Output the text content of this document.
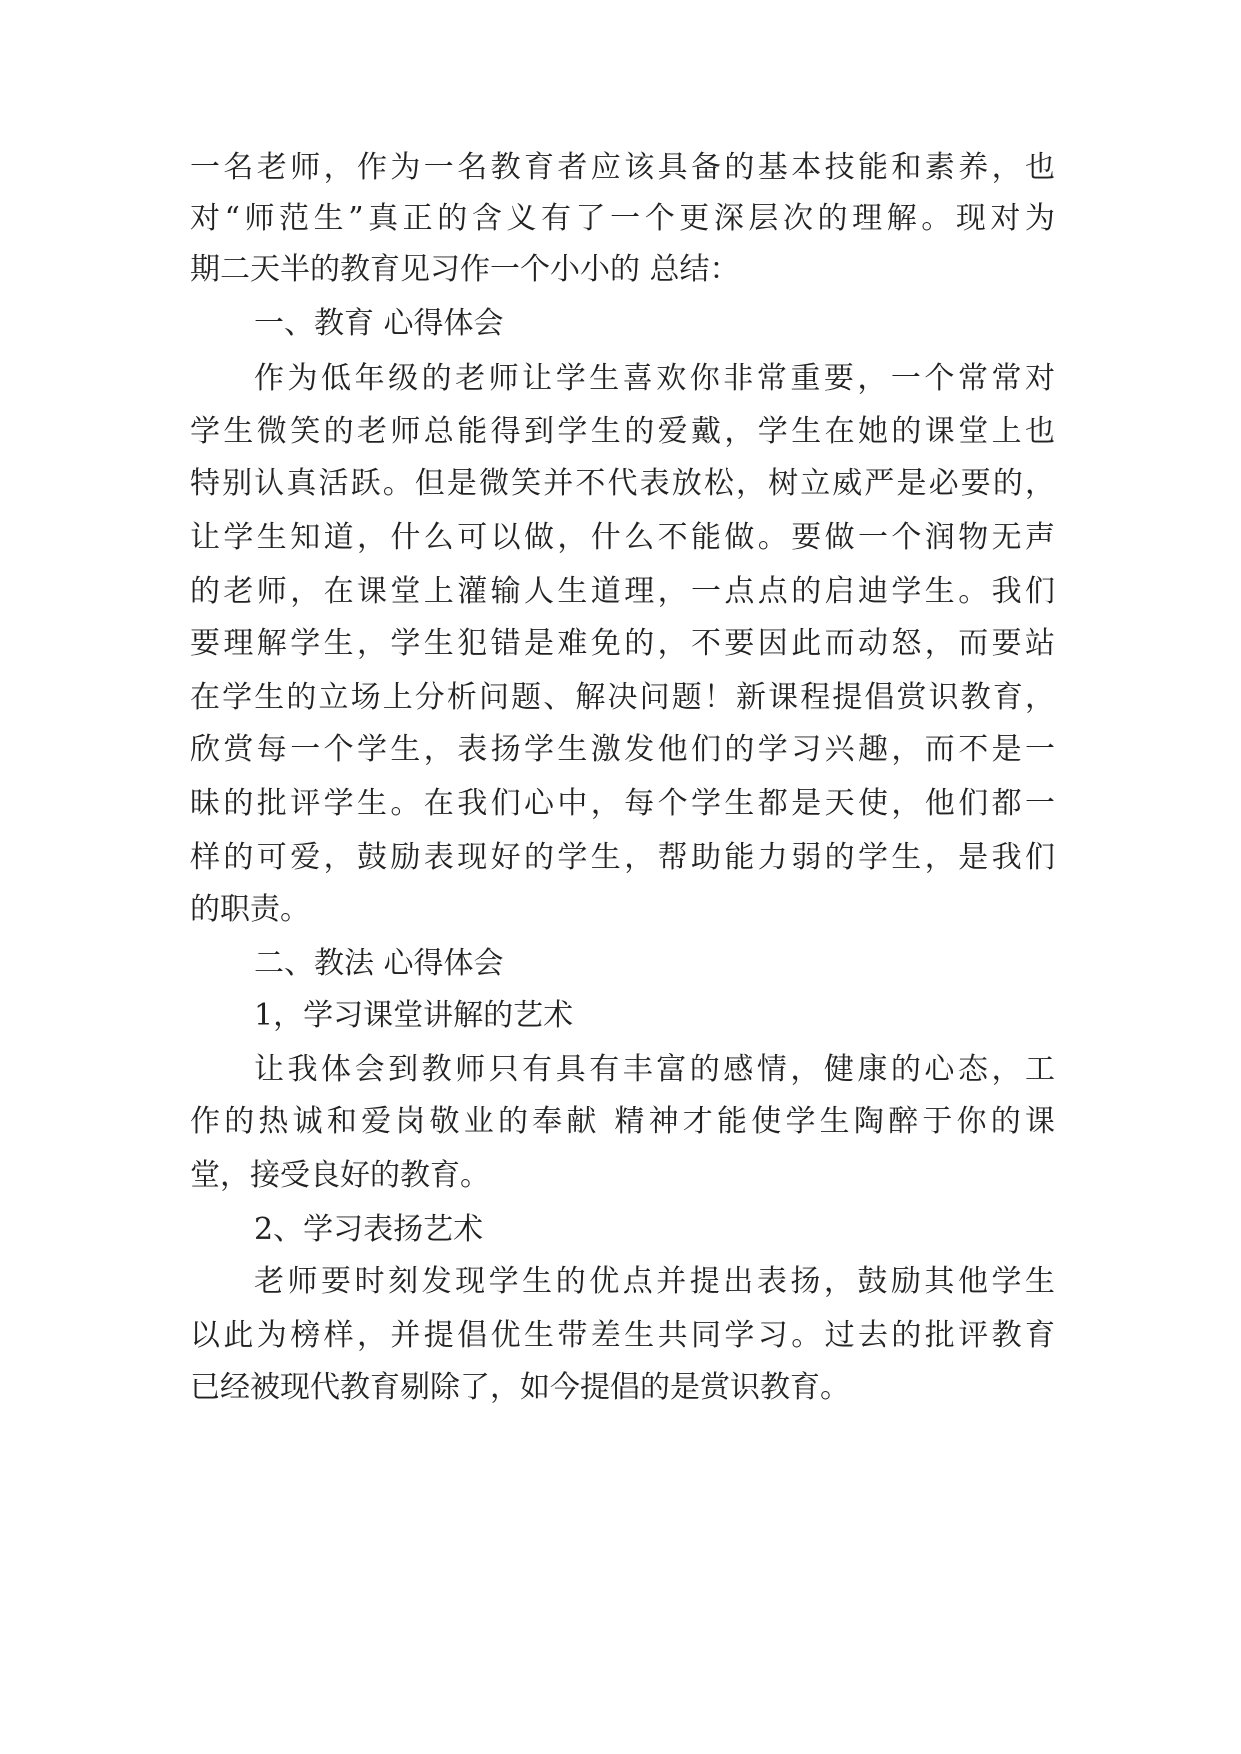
一名老师，作为一名教育者应该具备的基本技能和素养，也
对“师范生”真正的含义有了一个更深层次的理解。现对为
期二天半的教育见习作一个小小的 总结：
一、教育 心得体会
作为低年级的老师让学生喜欢你非常重要，一个常常对
学生微笑的老师总能得到学生的爱戴，学生在她的课堂上也
特别认真活跃。但是微笑并不代表放松，树立威严是必要的，
让学生知道，什么可以做，什么不能做。要做一个润物无声
的老师，在课堂上灌输人生道理，一点点的启迪学生。我们
要理解学生，学生犯错是难免的，不要因此而动怒，而要站
在学生的立场上分析问题、解决问题！新课程提倡赏识教育，
欣赏每一个学生，表扬学生激发他们的学习兴趣，而不是一
昧的批评学生。在我们心中，每个学生都是天使，他们都一
样的可爱，鼓励表现好的学生，帮助能力弱的学生，是我们
的职责。
二、教法 心得体会
1，学习课堂讲解的艺术
让我体会到教师只有具有丰富的感情，健康的心态，工
作的热诚和爱岗敬业的奉献 精神才能使学生陶醉于你的课
堂，接受良好的教育。
2、学习表扬艺术
老师要时刻发现学生的优点并提出表扬，鼓励其他学生
以此为榜样，并提倡优生带差生共同学习。过去的批评教育
已经被现代教育剔除了，如今提倡的是赏识教育。
